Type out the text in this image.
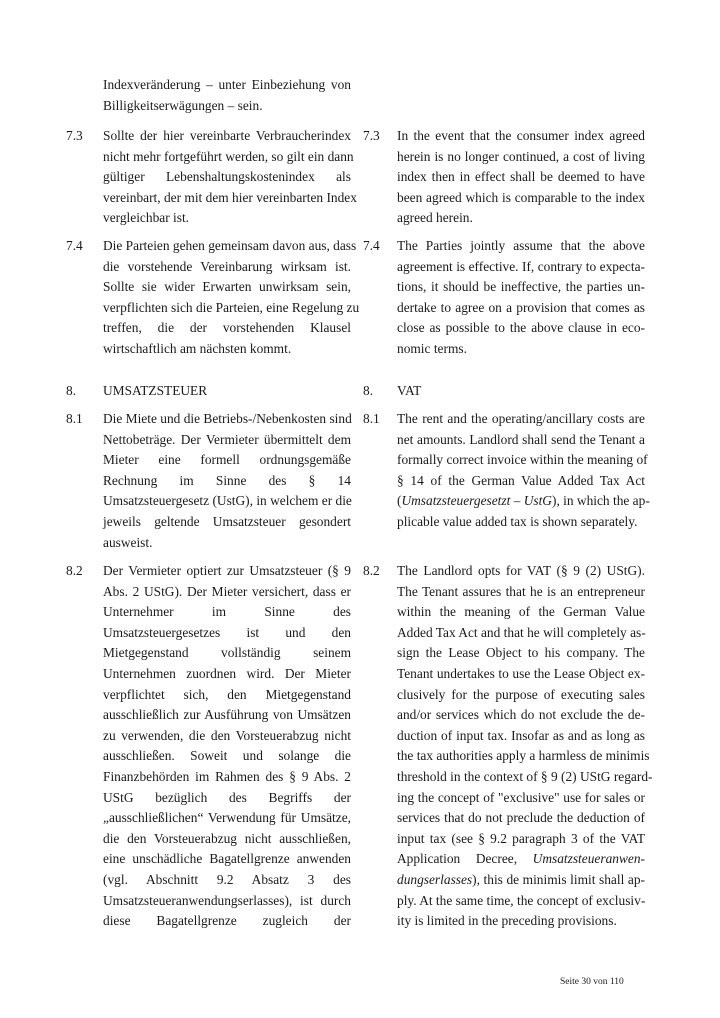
Indexveränderung – unter Einbeziehung von
Billigkeitserwägungen – sein.
7.3 Sollte der hier vereinbarte Verbraucherindex
nicht mehr fortgeführt werden, so gilt ein dann
gültiger Lebenshaltungskostenindex als
vereinbart, der mit dem hier vereinbarten Index
vergleichbar ist.
7.3 In the event that the consumer index agreed
herein is no longer continued, a cost of living
index then in effect shall be deemed to have
been agreed which is comparable to the index
agreed herein.
7.4 Die Parteien gehen gemeinsam davon aus, dass
die vorstehende Vereinbarung wirksam ist.
Sollte sie wider Erwarten unwirksam sein,
verpflichten sich die Parteien, eine Regelung zu
treffen, die der vorstehenden Klausel
wirtschaftlich am nächsten kommt.
7.4 The Parties jointly assume that the above
agreement is effective. If, contrary to expecta-
tions, it should be ineffective, the parties un-
dertake to agree on a provision that comes as
close as possible to the above clause in eco-
nomic terms.
8. UMSATZSTEUER	8. VAT
8.1 Die Miete und die Betriebs-/Nebenkosten sind
Nettobeträge. Der Vermieter übermittelt dem
Mieter eine formell ordnungsgemäße
Rechnung im Sinne des § 14
Umsatzsteuergesetz (UstG), in welchem er die
jeweils geltende Umsatzsteuer gesondert
ausweist.
8.1 The rent and the operating/ancillary costs are
net amounts. Landlord shall send the Tenant a
formally correct invoice within the meaning of
§ 14 of the German Value Added Tax Act
(Umsatzsteuergesetzt – UstG), in which the ap-
plicable value added tax is shown separately.
8.2 Der Vermieter optiert zur Umsatzsteuer (§ 9
Abs. 2 UStG). Der Mieter versichert, dass er
Unternehmer im Sinne des
Umsatzsteuergesetzes ist und den
Mietgegenstand vollständig seinem
Unternehmen zuordnen wird. Der Mieter
verpflichtet sich, den Mietgegenstand
ausschließlich zur Ausführung von Umsätzen
zu verwenden, die den Vorsteuerabzug nicht
ausschließen. Soweit und solange die
Finanzbehörden im Rahmen des § 9 Abs. 2
UStG bezüglich des Begriffs der
„ausschließlichen“ Verwendung für Umsätze,
die den Vorsteuerabzug nicht ausschließen,
eine unschädliche Bagatellgrenze anwenden
(vgl. Abschnitt 9.2 Absatz 3 des
Umsatzsteueranwendungserlasses), ist durch
diese Bagatellgrenze zugleich der
8.2 The Landlord opts for VAT (§ 9 (2) UStG).
The Tenant assures that he is an entrepreneur
within the meaning of the German Value
Added Tax Act and that he will completely as-
sign the Lease Object to his company. The
Tenant undertakes to use the Lease Object ex-
clusively for the purpose of executing sales
and/or services which do not exclude the de-
duction of input tax. Insofar as and as long as
the tax authorities apply a harmless de minimis
threshold in the context of § 9 (2) UStG regard-
ing the concept of "exclusive" use for sales or
services that do not preclude the deduction of
input tax (see § 9.2 paragraph 3 of the VAT
Application Decree, Umsatzsteueranwen-
dungserlasses), this de minimis limit shall ap-
ply. At the same time, the concept of exclusiv-
ity is limited in the preceding provisions.
Seite 30 von 110
